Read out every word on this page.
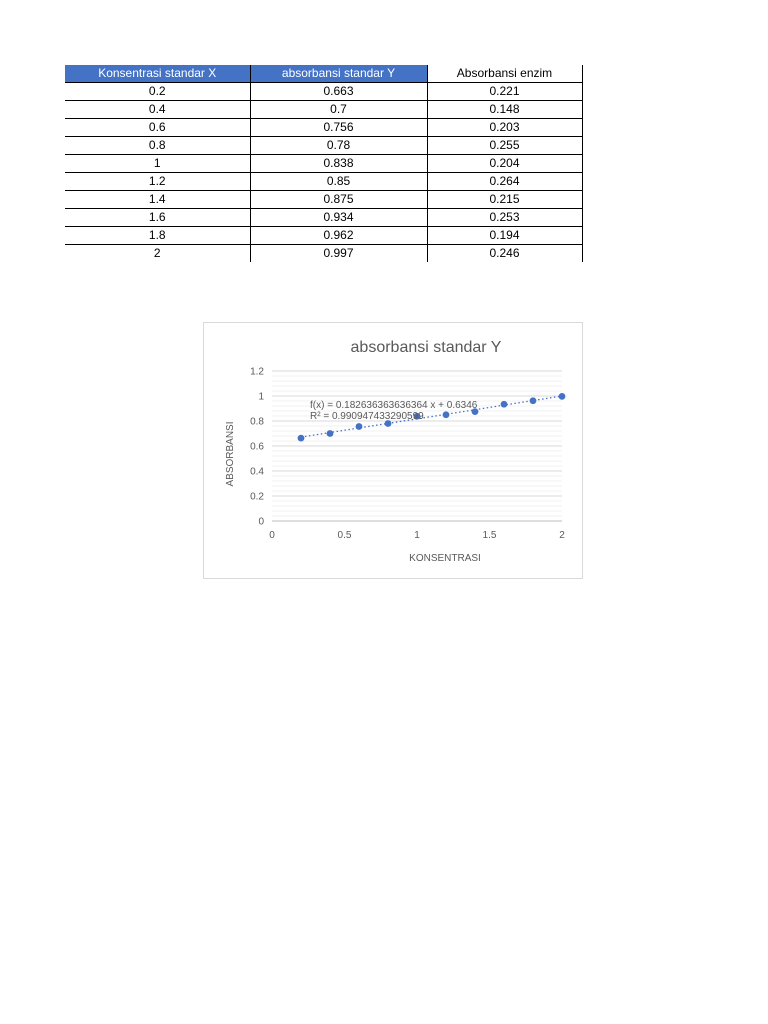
Konsentrasi standar X	absorbansi standar Y	Absorbansi enzim
0.2	0.663	0.221
0.4	0.7	0.148
0.6	0.756	0.203
0.8	0.78	0.255
1	0.838	0.204
1.2	0.85	0.264
1.4	0.875	0.215
1.6	0.934	0.253
1.8	0.962	0.194
2	0.997	0.246
0
0.2
0.4
0.6
0.8
1
1.2
0	0.5	1	1.5	2
absorbansi standar Y
KONSENTRASI
ABSORBANSI
f(x) = 0.182636363636364 x + 0.6346
R² = 0.990947433290599
